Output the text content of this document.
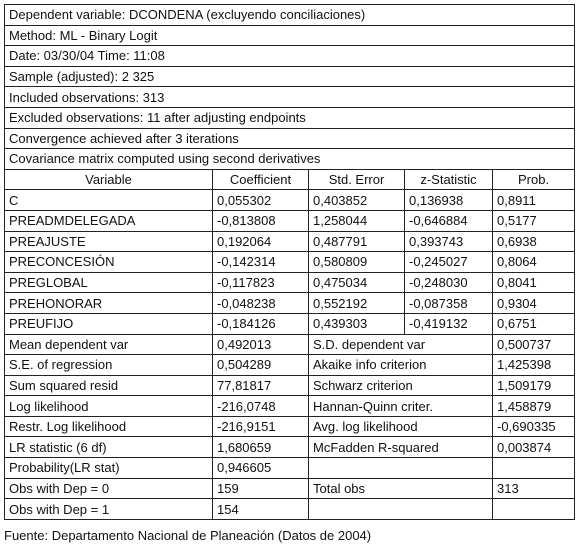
Dependent variable: DCONDENA (excluyendo conciliaciones)				
Method: ML - Binary Logit				
Date: 03/30/04 Time: 11:08				
Sample (adjusted): 2 325				
Included observations: 313				
Excluded observations: 11 after adjusting endpoints				
Convergence achieved after 3 iterations				
Covariance matrix computed using second derivatives				
Variable	Coefficient	Std. Error	z-Statistic	Prob.
C	0,055302	0,403852	0,136938	0,8911
PREADMDELEGADA	-0,813808	1,258044	-0,646884	0,5177
PREAJUSTE	0,192064	0,487791	0,393743	0,6938
PRECONCESIÓN	-0,142314	0,580809	-0,245027	0,8064
PREGLOBAL	-0,117823	0,475034	-0,248030	0,8041
PREHONORAR	-0,048238	0,552192	-0,087358	0,9304
PREUFIJO	-0,184126	0,439303	-0,419132	0,6751
Mean dependent var	0,492013	S.D. dependent var		0,500737
S.E. of regression	0,504289	Akaike info criterion		1,425398
Sum squared resid	77,81817	Schwarz criterion		1,509179
Log likelihood	-216,0748	Hannan-Quinn criter.		1,458879
Restr. Log likelihood	-216,9151	Avg. log likelihood		-0,690335
LR statistic (6 df)	1,680659	McFadden R-squared		0,003874
Probability(LR stat)	0,946605			
Obs with Dep = 0	159	Total obs		313
Obs with Dep = 1	154			
Fuente: Departamento Nacional de Planeación (Datos de 2004)
